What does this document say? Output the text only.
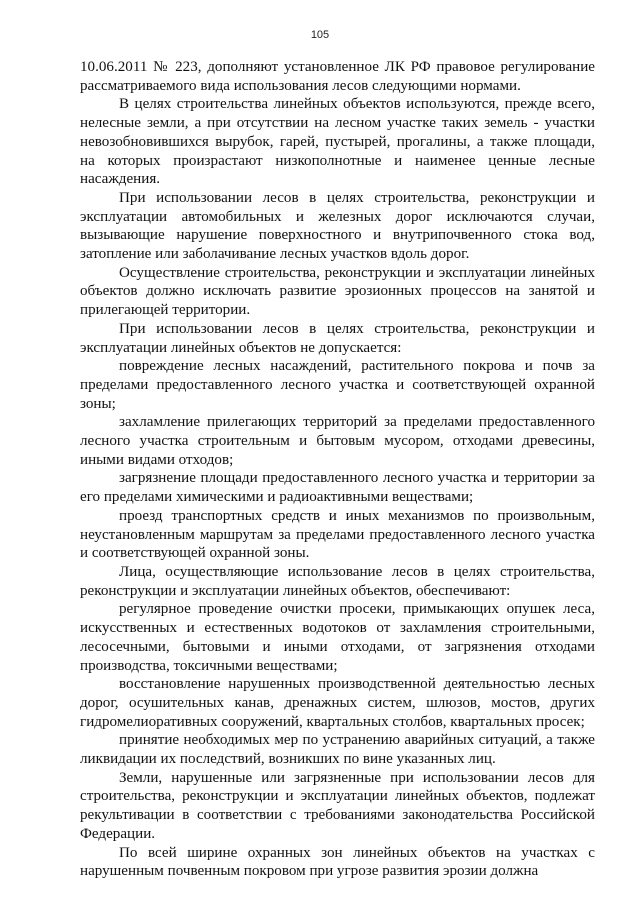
105

10.06.2011 № 223, дополняют установленное ЛК РФ правовое регулирование рассматриваемого вида использования лесов следующими нормами.

В целях строительства линейных объектов используются, прежде всего, нелесные земли, а при отсутствии на лесном участке таких земель - участки невозобновившихся вырубок, гарей, пустырей, прогалины, а также площади, на которых произрастают низкополнотные и наименее ценные лесные насаждения.

При использовании лесов в целях строительства, реконструкции и эксплуатации автомобильных и железных дорог исключаются случаи, вызывающие нарушение поверхностного и внутрипочвенного стока вод, затопление или заболачивание лесных участков вдоль дорог.

Осуществление строительства, реконструкции и эксплуатации линейных объектов должно исключать развитие эрозионных процессов на занятой и прилегающей территории.

При использовании лесов в целях строительства, реконструкции и эксплуатации линейных объектов не допускается:

повреждение лесных насаждений, растительного покрова и почв за пределами предоставленного лесного участка и соответствующей охранной зоны;

захламление прилегающих территорий за пределами предоставленного лесного участка строительным и бытовым мусором, отходами древесины, иными видами отходов;

загрязнение площади предоставленного лесного участка и территории за его пределами химическими и радиоактивными веществами;

проезд транспортных средств и иных механизмов по произвольным, неустановленным маршрутам за пределами предоставленного лесного участка и соответствующей охранной зоны.

Лица, осуществляющие использование лесов в целях строительства, реконструкции и эксплуатации линейных объектов, обеспечивают:

регулярное проведение очистки просеки, примыкающих опушек леса, искусственных и естественных водотоков от захламления строительными, лесосечными, бытовыми и иными отходами, от загрязнения отходами производства, токсичными веществами;

восстановление нарушенных производственной деятельностью лесных дорог, осушительных канав, дренажных систем, шлюзов, мостов, других гидромелиоративных сооружений, квартальных столбов, квартальных просек;

принятие необходимых мер по устранению аварийных ситуаций, а также ликвидации их последствий, возникших по вине указанных лиц.

Земли, нарушенные или загрязненные при использовании лесов для строительства, реконструкции и эксплуатации линейных объектов, подлежат рекультивации в соответствии с требованиями законодательства Российской Федерации.

По всей ширине охранных зон линейных объектов на участках с нарушенным почвенным покровом при угрозе развития эрозии должна
